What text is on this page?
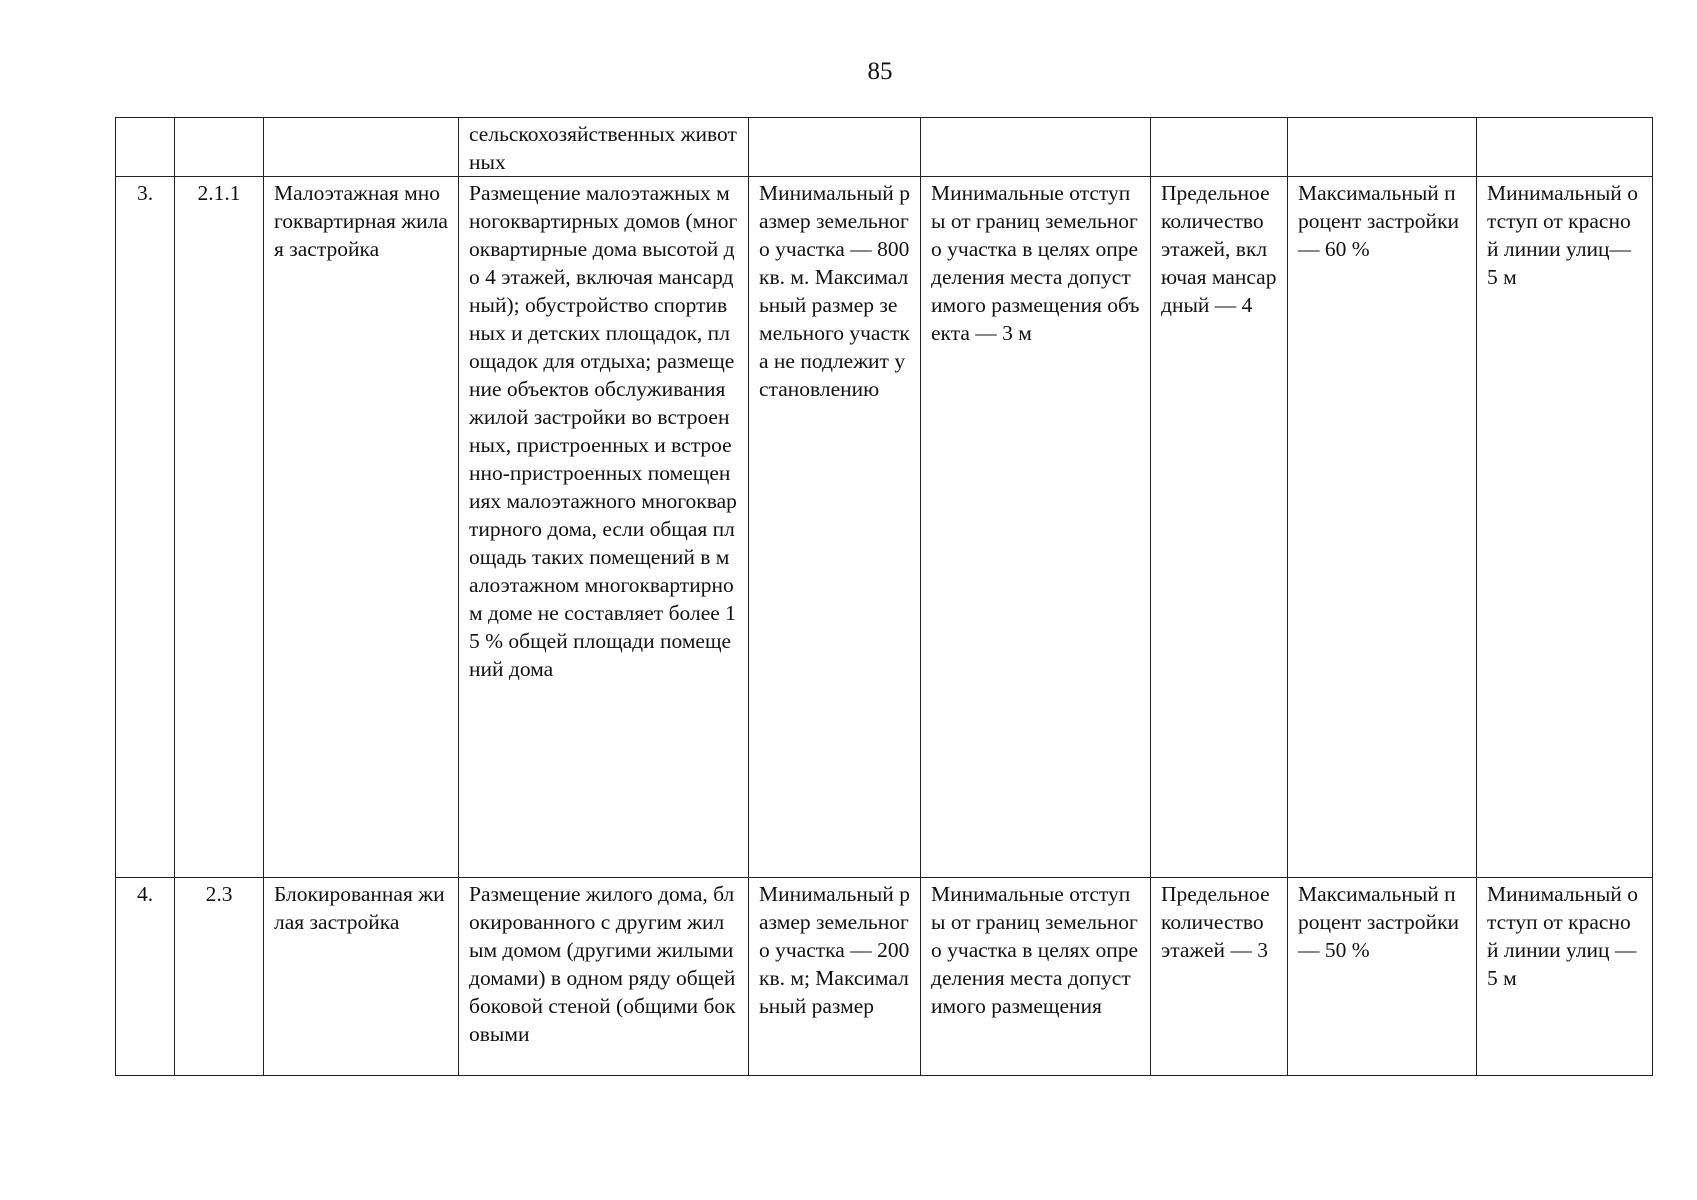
85
			сельскохозяйственных животных					
3.	2.1.1	Малоэтажная многоквартирная жилая застройка	Размещение малоэтажных многоквартирных домов (многоквартирные дома высотой до 4 этажей, включая мансардный); обустройство спортивных и детских площадок, площадок для отдыха; размещение объектов обслуживания жилой застройки во встроенных, пристроенных и встроенно-пристроенных помещениях малоэтажного многоквартирного дома, если общая площадь таких помещений в малоэтажном многоквартирном доме не составляет более 15 % общей площади помещений дома	Минимальный размер земельного участка — 800 кв. м. Максимальный размер земельного участка не подлежит установлению	Минимальные отступы от границ земельного участка в целях определения места допустимого размещения объекта — 3 м	Предельное количество этажей, включая мансардный — 4	Максимальный процент застройки — 60 %	Минимальный отступ от красной линии улиц— 5 м
4.	2.3	Блокированная жилая застройка	Размещение жилого дома, блокированного с другим жилым домом (другими жилыми домами) в одном ряду общей боковой стеной (общими боковыми	Минимальный размер земельного участка — 200 кв. м; Максимальный размер	Минимальные отступы от границ земельного участка в целях определения места допустимого размещения	Предельное количество этажей — 3	Максимальный процент застройки — 50 %	Минимальный отступ от красной линии улиц — 5 м
